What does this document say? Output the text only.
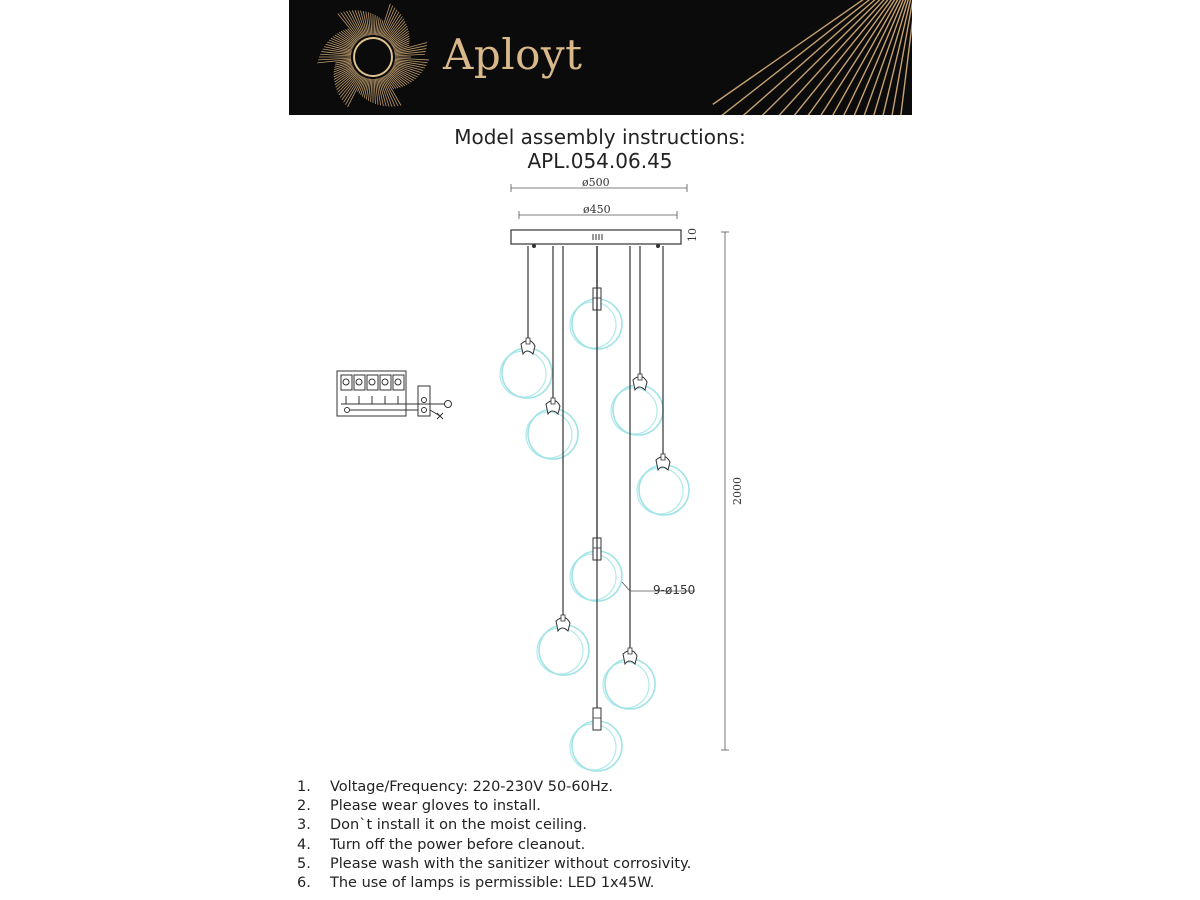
Aployt
Model assembly instructions:
APL.054.06.45
ø500
ø450
10
2000
9-ø150
1. Voltage/Frequency: 220-230V 50-60Hz.
2. Please wear gloves to install.
3. Don`t install it on the moist ceiling.
4. Turn off the power before cleanout.
5. Please wash with the sanitizer without corrosivity.
6. The use of lamps is permissible: LED 1x45W.
